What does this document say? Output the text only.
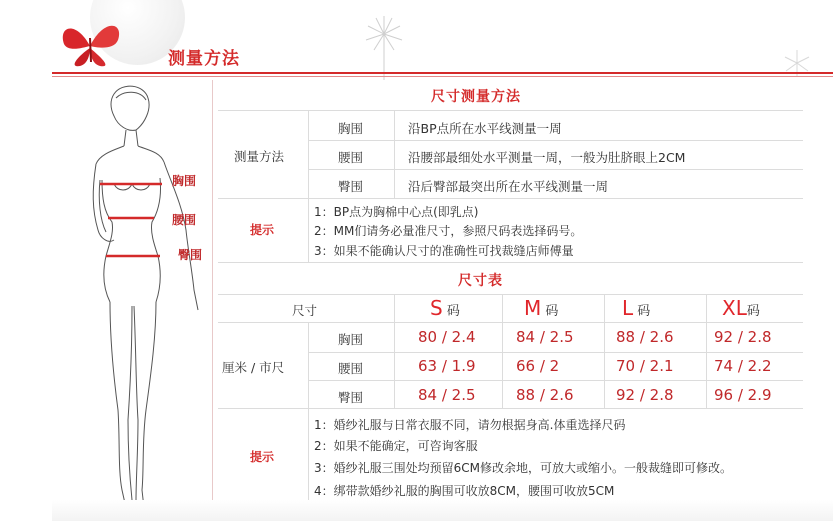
测量方法
胸围
腰围
臀围
尺寸测量方法
测量方法
胸围	沿BP点所在水平线测量一周
腰围	沿腰部最细处水平测量一周，一般为肚脐眼上2CM
臀围	沿后臀部最突出所在水平线测量一周
提示
1：BP点为胸棉中心点(即乳点)
2：MM们请务必量准尺寸，参照尺码表选择码号。
3：如果不能确认尺寸的准确性可找裁缝店师傅量
尺寸表
尺寸	S 码	M 码	L 码	XL码
厘米 / 市尺
胸围	80 / 2.4	84 / 2.5	88 / 2.6	92 / 2.8
腰围	63 / 1.9	66 / 2	70 / 2.1	74 / 2.2
臀围	84 / 2.5	88 / 2.6	92 / 2.8	96 / 2.9
提示
1：婚纱礼服与日常衣服不同，请勿根据身高.体重选择尺码
2：如果不能确定，可咨询客服
3：婚纱礼服三围处均预留6CM修改余地，可放大或缩小。一般裁缝即可修改。
4：绑带款婚纱礼服的胸围可收放8CM，腰围可收放5CM
